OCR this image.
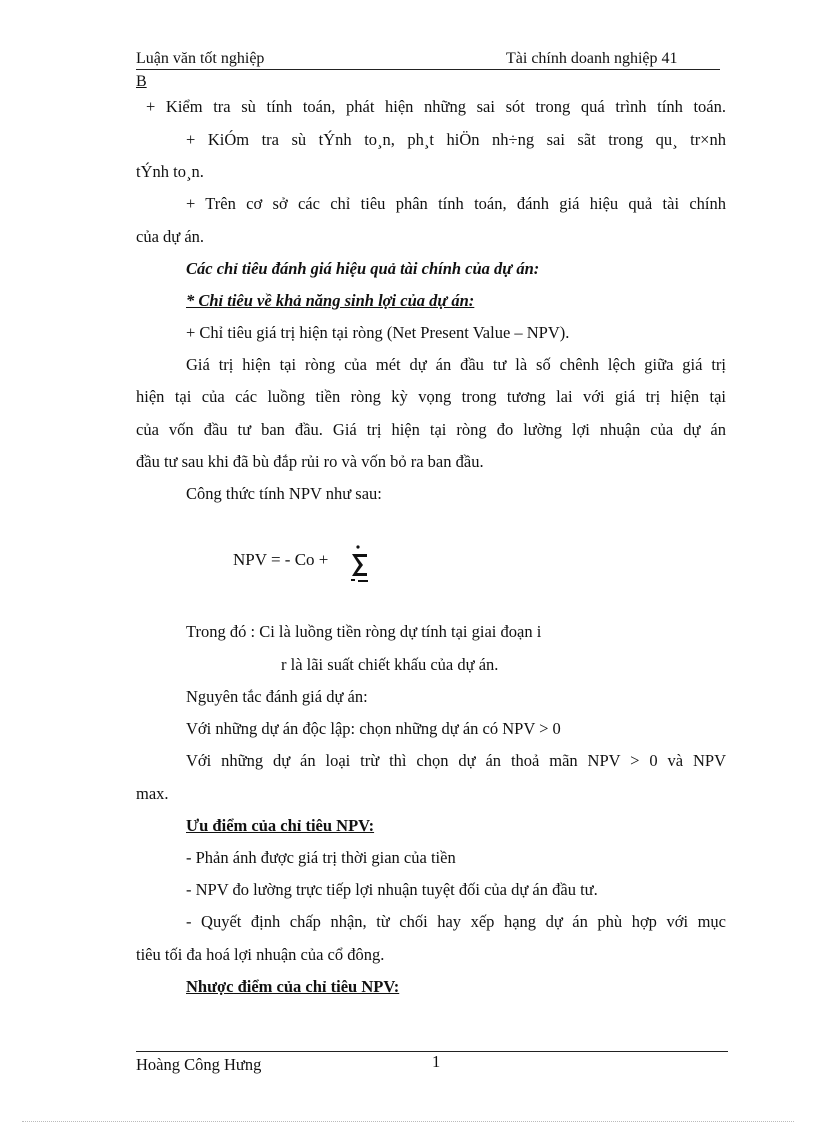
Luận văn tốt nghiệp	Tài chính doanh nghiệp 41
B
+ Kiểm tra sù tính toán, phát hiện những sai sót trong quá trình tính toán.
+ KiÓm tra sù tÝnh to¸n, ph¸t hiÖn nh÷ng sai sãt trong qu¸ tr×nh
tÝnh to¸n.
+ Trên cơ sở các chỉ tiêu phân tính toán, đánh giá hiệu quả tài chính
của dự án.
Các chỉ tiêu đánh giá hiệu quả tài chính của dự án:
* Chỉ tiêu về khả năng sinh lợi của dự án:
+ Chỉ tiêu giá trị hiện tại ròng (Net Present Value – NPV).
Giá trị hiện tại ròng của mét dự án đầu tư là số chênh lệch giữa giá trị
hiện tại của các luồng tiền ròng kỳ vọng trong tương lai với giá trị hiện tại
của vốn đầu tư ban đầu. Giá trị hiện tại ròng đo lường lợi nhuận của dự án
đầu tư sau khi đã bù đắp rủi ro và vốn bỏ ra ban đầu.
Công thức tính NPV như sau:
NPV = - Co +
Trong đó : Ci là luồng tiền ròng dự tính tại giai đoạn i
r là lãi suất chiết khấu của dự án.
Nguyên tắc đánh giá dự án:
Với những dự án độc lập: chọn những dự án có NPV > 0
Với những dự án loại trừ thì chọn dự án thoả mãn NPV > 0 và NPV
max.
Ưu điểm của chỉ tiêu NPV:
- Phản ánh được giá trị thời gian của tiền
- NPV đo lường trực tiếp lợi nhuận tuyệt đối của dự án đầu tư.
- Quyết định chấp nhận, từ chối hay xếp hạng dự án phù hợp với mục
tiêu tối đa hoá lợi nhuận của cổ đông.
Nhược điểm của chỉ tiêu NPV:
Hoàng Công Hưng	1
